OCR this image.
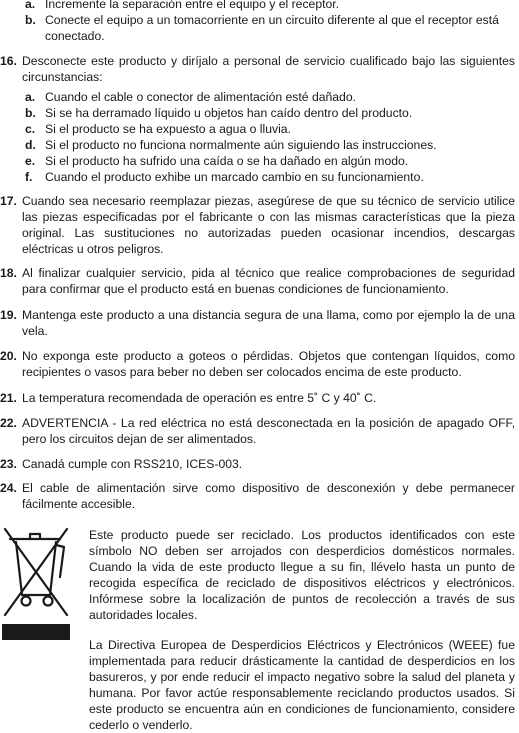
a. Incremente la separación entre el equipo y el receptor.
b. Conecte el equipo a un tomacorriente en un circuito diferente al que el receptor está conectado.
16. Desconecte este producto y diríjalo a personal de servicio cualificado bajo las siguientes circunstancias:
a. Cuando el cable o conector de alimentación esté dañado.
b. Si se ha derramado líquido u objetos han caído dentro del producto.
c. Si el producto se ha expuesto a agua o lluvia.
d. Si el producto no funciona normalmente aún siguiendo las instrucciones.
e. Si el producto ha sufrido una caída o se ha dañado en algún modo.
f.	Cuando el producto exhibe un marcado cambio en su funcionamiento.
17. Cuando sea necesario reemplazar piezas, asegúrese de que su técnico de servicio utilice las piezas especificadas por el fabricante o con las mismas características que la pieza original. Las sustituciones no autorizadas pueden ocasionar incendios, descargas eléctricas u otros peligros.
18. Al finalizar cualquier servicio, pida al técnico que realice comprobaciones de seguridad para confirmar que el producto está en buenas condiciones de funcionamiento.
19. Mantenga este producto a una distancia segura de una llama, como por ejemplo la de una vela.
20. No exponga este producto a goteos o pérdidas. Objetos que contengan líquidos, como recipientes o vasos para beber no deben ser colocados encima de este producto.
21. La temperatura recomendada de operación es entre 5˚ C y 40˚ C.
22. ADVERTENCIA - La red eléctrica no está desconectada en la posición de apagado OFF, pero los circuitos dejan de ser alimentados.
23. Canadá cumple con RSS210, ICES-003.
24. El cable de alimentación sirve como dispositivo de desconexión y debe permanecer fácilmente accesible.
Este producto puede ser reciclado. Los productos identificados con este símbolo NO deben ser arrojados con desperdicios domésticos normales. Cuando la vida de este producto llegue a su fin, llévelo hasta un punto de recogida específica de reciclado de dispositivos eléctricos y electrónicos. Infórmese sobre la localización de puntos de recolección a través de sus autoridades locales.
La Directiva Europea de Desperdicios Eléctricos y Electrónicos (WEEE) fue implementada para reducir drásticamente la cantidad de desperdicios en los basureros, y por ende reducir el impacto negativo sobre la salud del planeta y humana. Por favor actúe responsablemente reciclando productos usados. Si este producto se encuentra aún en condiciones de funcionamiento, considere cederlo o venderlo.
